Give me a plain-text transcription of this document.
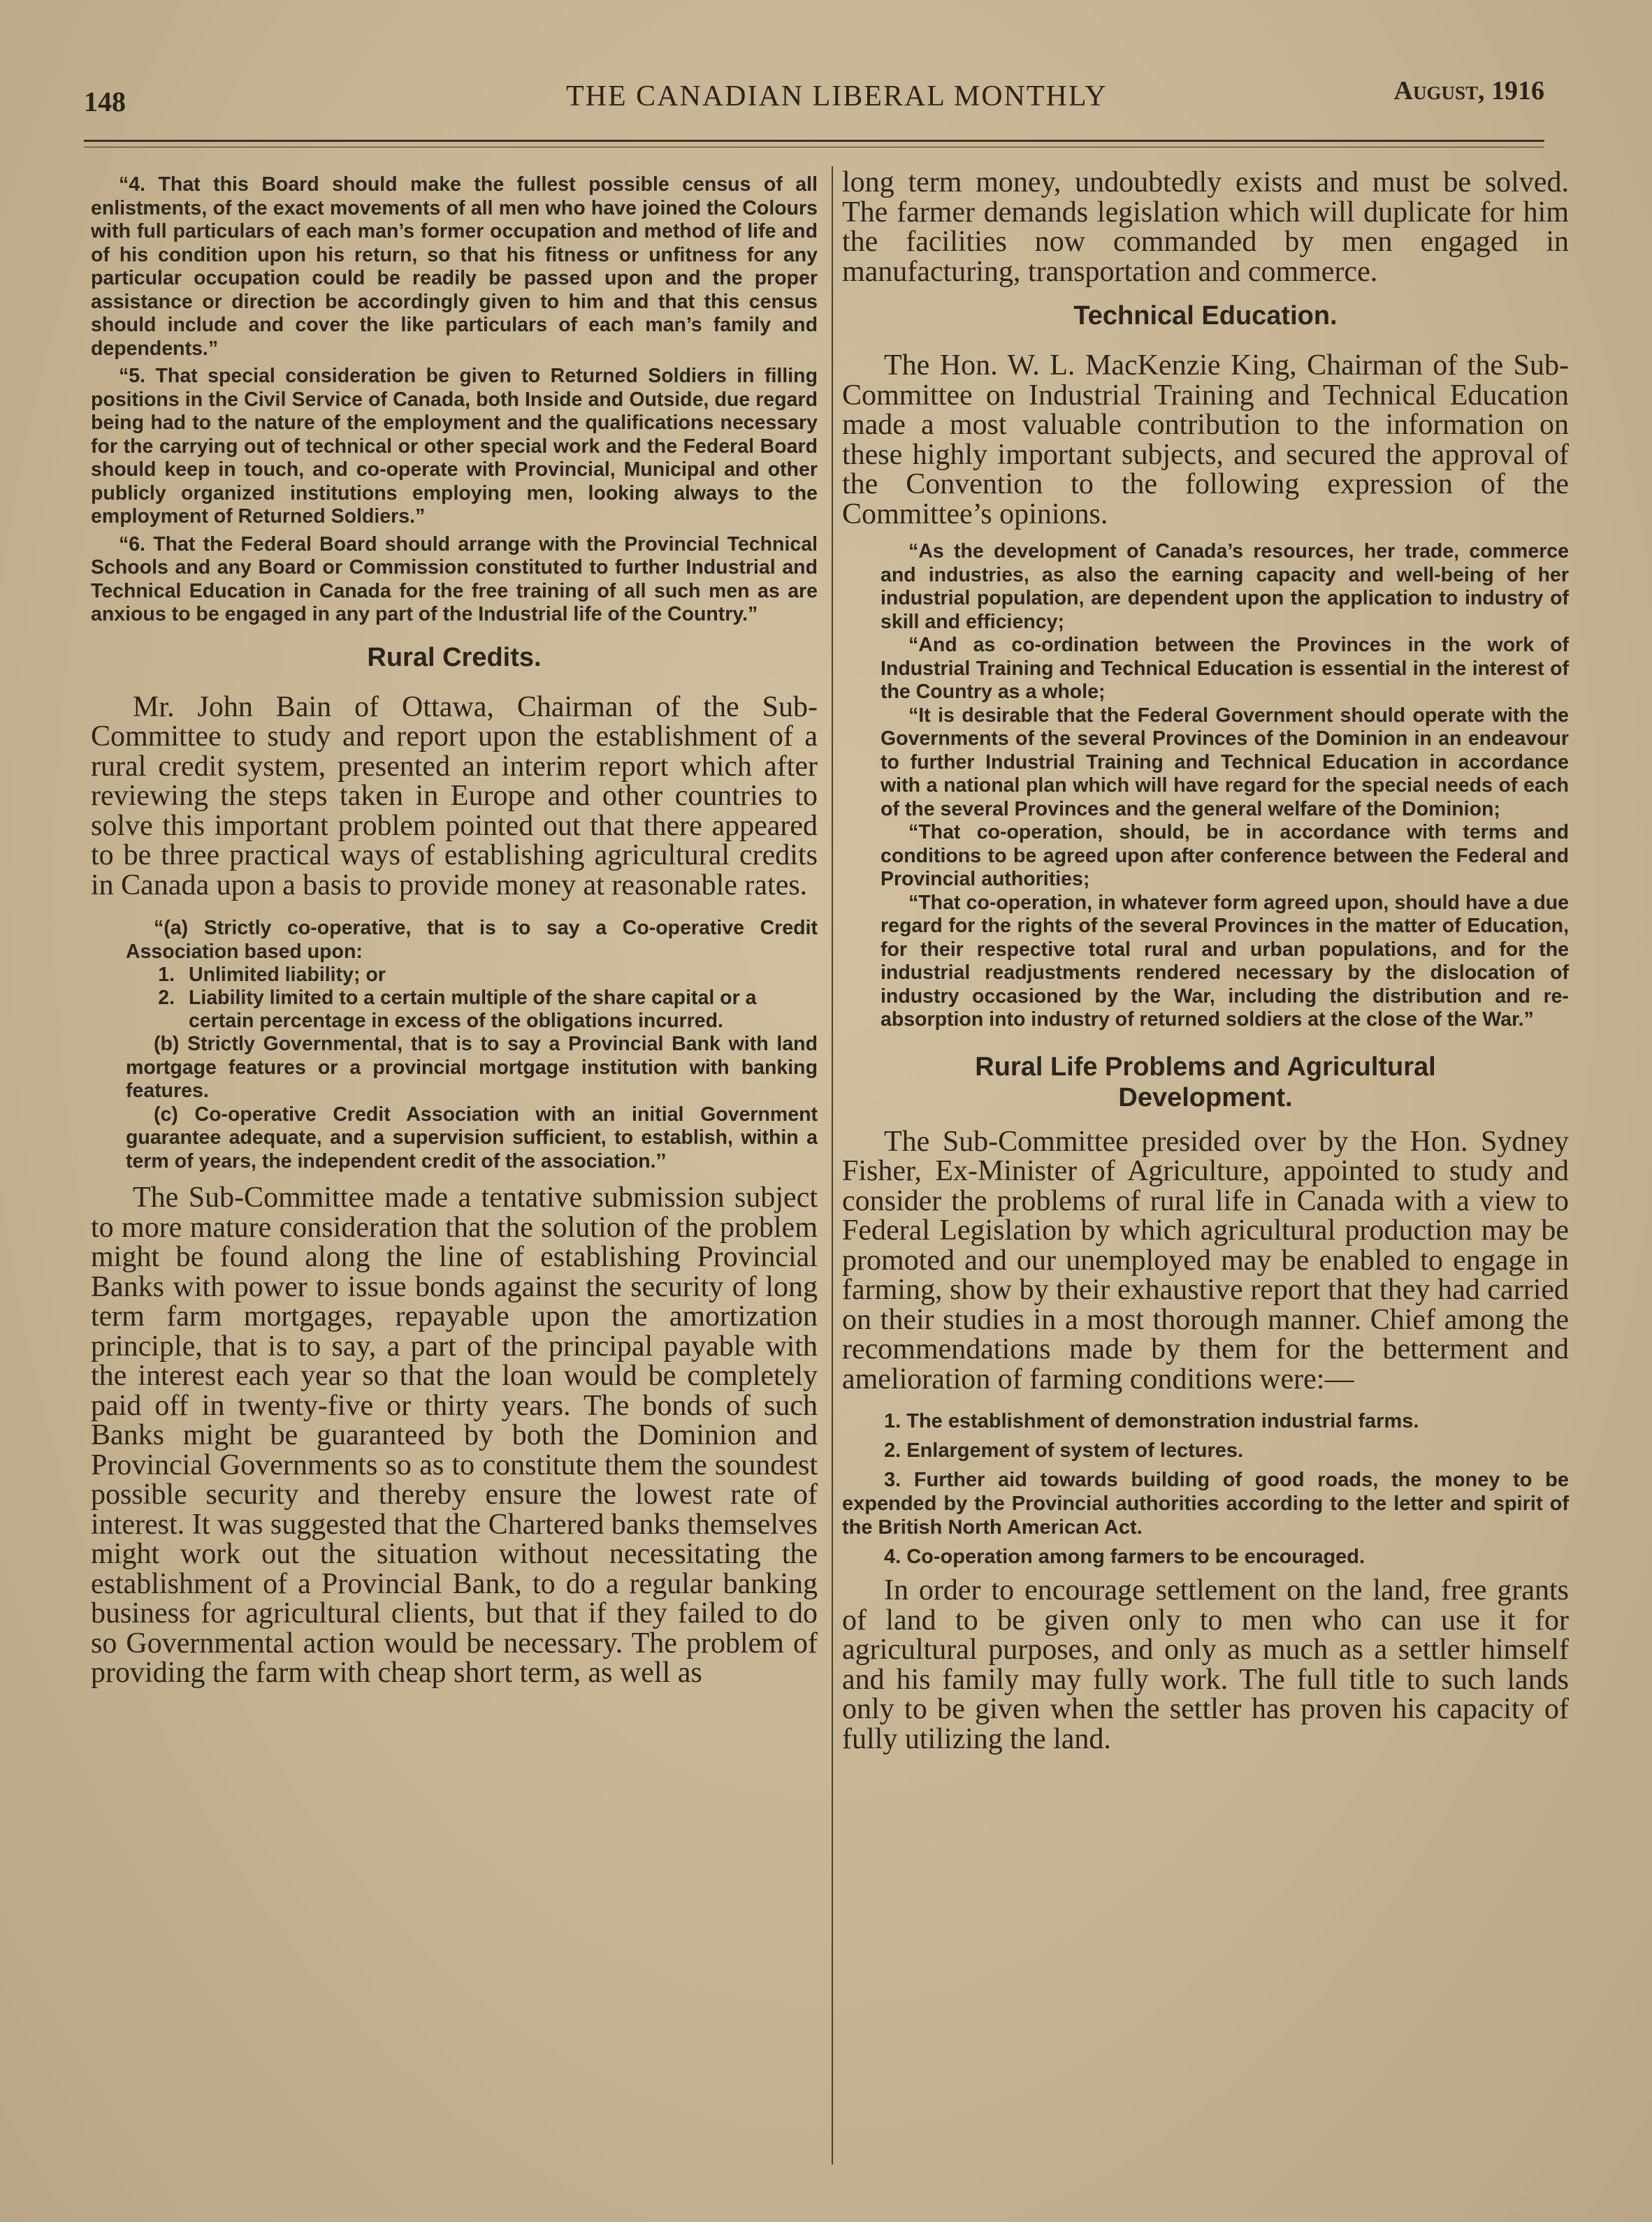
148	THE CANADIAN LIBERAL MONTHLY	August, 1916

“4. That this Board should make the fullest possible census of all enlistments, of the exact movements of all men who have joined the Colours with full particulars of each man’s former occupation and method of life and of his condition upon his return, so that his fitness or unfitness for any particular occupation could be readily be passed upon and the proper assistance or direction be accordingly given to him and that this census should include and cover the like particulars of each man’s family and dependents.”

“5. That special consideration be given to Returned Soldiers in filling positions in the Civil Service of Canada, both Inside and Outside, due regard being had to the nature of the employment and the qualifications necessary for the carrying out of technical or other special work and the Federal Board should keep in touch, and co-operate with Provincial, Municipal and other publicly organized institutions employing men, looking always to the employment of Returned Soldiers.”

“6. That the Federal Board should arrange with the Provincial Technical Schools and any Board or Commission constituted to further Industrial and Technical Education in Canada for the free training of all such men as are anxious to be engaged in any part of the Industrial life of the Country.”

Rural Credits.

Mr. John Bain of Ottawa, Chairman of the Sub-Committee to study and report upon the establishment of a rural credit system, presented an interim report which after reviewing the steps taken in Europe and other countries to solve this important problem pointed out that there appeared to be three practical ways of establishing agricultural credits in Canada upon a basis to provide money at reasonable rates.

“(a) Strictly co-operative, that is to say a Co-operative Credit Association based upon:

1. Unlimited liability; or

2. Liability limited to a certain multiple of the share capital or a certain percentage in excess of the obligations incurred.

(b) Strictly Governmental, that is to say a Provincial Bank with land mortgage features or a provincial mortgage institution with banking features.

(c) Co-operative Credit Association with an initial Government guarantee adequate, and a supervision sufficient, to establish, within a term of years, the independent credit of the association.’’

The Sub-Committee made a tentative submission subject to more mature consideration that the solution of the problem might be found along the line of establishing Provincial Banks with power to issue bonds against the security of long term farm mortgages, repayable upon the amortization principle, that is to say, a part of the principal payable with the interest each year so that the loan would be completely paid off in twenty-five or thirty years. The bonds of such Banks might be guaranteed by both the Dominion and Provincial Governments so as to constitute them the soundest possible security and thereby ensure the lowest rate of interest. It was suggested that the Chartered banks themselves might work out the situation without necessitating the establishment of a Provincial Bank, to do a regular banking business for agricultural clients, but that if they failed to do so Governmental action would be necessary. The problem of providing the farm with cheap short term, as well as

long term money, undoubtedly exists and must be solved. The farmer demands legislation which will duplicate for him the facilities now commanded by men engaged in manufacturing, transportation and commerce.

Technical Education.

The Hon. W. L. MacKenzie King, Chairman of the Sub-Committee on Industrial Training and Technical Education made a most valuable contribution to the information on these highly important subjects, and secured the approval of the Convention to the following expression of the Committee’s opinions.

“As the development of Canada’s resources, her trade, commerce and industries, as also the earning capacity and well-being of her industrial population, are dependent upon the application to industry of skill and efficiency;

“And as co-ordination between the Provinces in the work of Industrial Training and Technical Education is essential in the interest of the Country as a whole;

“It is desirable that the Federal Government should operate with the Governments of the several Provinces of the Dominion in an endeavour to further Industrial Training and Technical Education in accordance with a national plan which will have regard for the special needs of each of the several Provinces and the general welfare of the Dominion;

“That co-operation, should, be in accordance with terms and conditions to be agreed upon after conference between the Federal and Provincial authorities;

“That co-operation, in whatever form agreed upon, should have a due regard for the rights of the several Provinces in the matter of Education, for their respective total rural and urban populations, and for the industrial readjustments rendered necessary by the dislocation of industry occasioned by the War, including the distribution and re-absorption into industry of returned soldiers at the close of the War.”

Rural Life Problems and Agricultural

Development.

The Sub-Committee presided over by the Hon. Sydney Fisher, Ex-Minister of Agriculture, appointed to study and consider the problems of rural life in Canada with a view to Federal Legislation by which agricultural production may be promoted and our unemployed may be enabled to engage in farming, show by their exhaustive report that they had carried on their studies in a most thorough manner. Chief among the recommendations made by them for the betterment and amelioration of farming conditions were:—

1. The establishment of demonstration industrial farms.

2. Enlargement of system of lectures.

3. Further aid towards building of good roads, the money to be expended by the Provincial authorities according to the letter and spirit of the British North American Act.

4. Co-operation among farmers to be encouraged.

In order to encourage settlement on the land, free grants of land to be given only to men who can use it for agricultural purposes, and only as much as a settler himself and his family may fully work. The full title to such lands only to be given when the settler has proven his capacity of fully utilizing the land.
